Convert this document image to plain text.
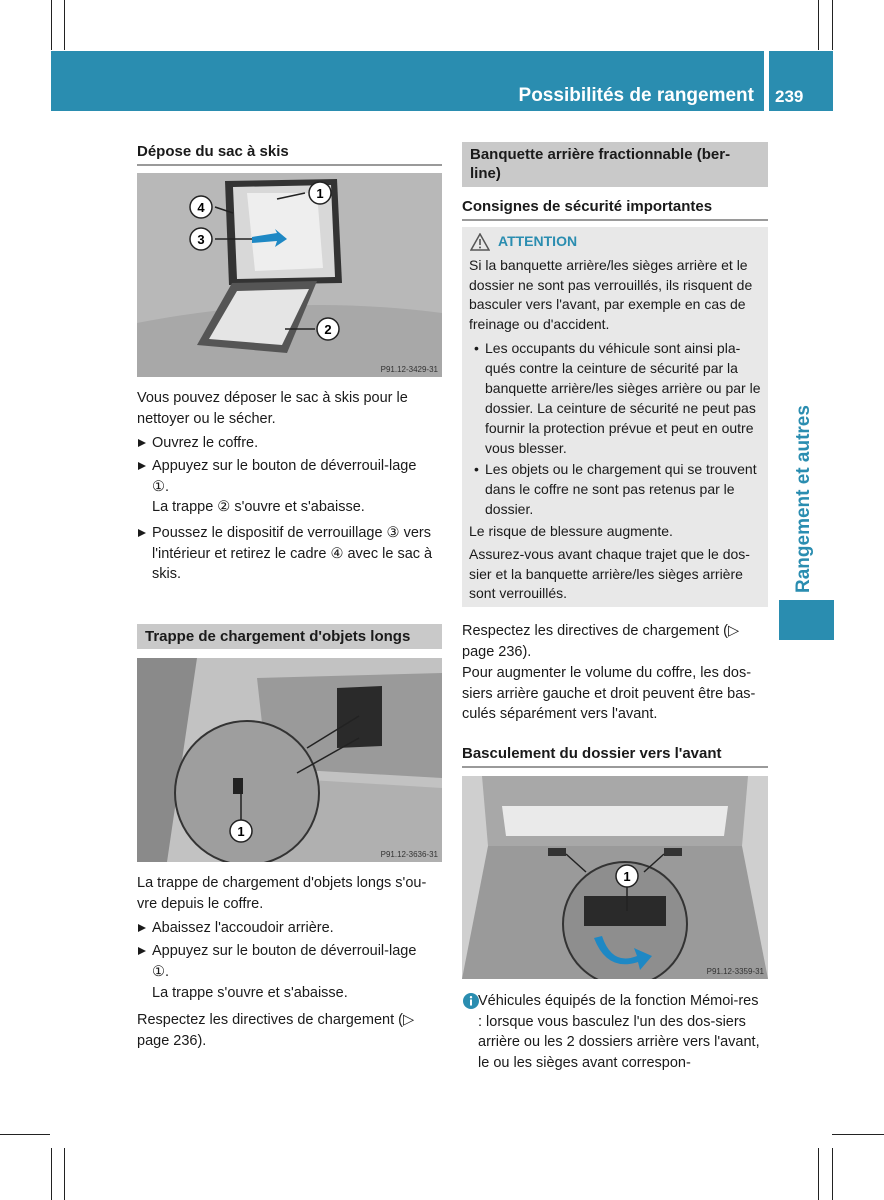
Possibilités de rangement 239
Rangement et autres
Dépose du sac à skis
1
4
3
2
P91.12-3429-31
Vous pouvez déposer le sac à skis pour le nettoyer ou le sécher.
Ouvrez le coffre.
Appuyez sur le bouton de déverrouil-lage ①.
La trappe ② s'ouvre et s'abaisse.
Poussez le dispositif de verrouillage ③ vers l'intérieur et retirez le cadre ④ avec le sac à skis.
Trappe de chargement d'objets longs
1
P91.12-3636-31
La trappe de chargement d'objets longs s'ou-vre depuis le coffre.
Abaissez l'accoudoir arrière.
Appuyez sur le bouton de déverrouil-lage ①.
La trappe s'ouvre et s'abaisse.
Respectez les directives de chargement (▷ page 236).
Banquette arrière fractionnable (ber-line)
Consignes de sécurité importantes
ATTENTION
Si la banquette arrière/les sièges arrière et le dossier ne sont pas verrouillés, ils risquent de basculer vers l'avant, par exemple en cas de freinage ou d'accident.
• Les occupants du véhicule sont ainsi pla-qués contre la ceinture de sécurité par la banquette arrière/les sièges arrière ou par le dossier. La ceinture de sécurité ne peut pas fournir la protection prévue et peut en outre vous blesser.
• Les objets ou le chargement qui se trouvent dans le coffre ne sont pas retenus par le dossier.
Le risque de blessure augmente.
Assurez-vous avant chaque trajet que le dos-sier et la banquette arrière/les sièges arrière sont verrouillés.
Respectez les directives de chargement (▷ page 236).
Pour augmenter le volume du coffre, les dos-siers arrière gauche et droit peuvent être bas-culés séparément vers l'avant.
Basculement du dossier vers l'avant
1
P91.12-3359-31
Véhicules équipés de la fonction Mémoi-res : lorsque vous basculez l'un des dos-siers arrière ou les 2 dossiers arrière vers l'avant, le ou les sièges avant correspon-
